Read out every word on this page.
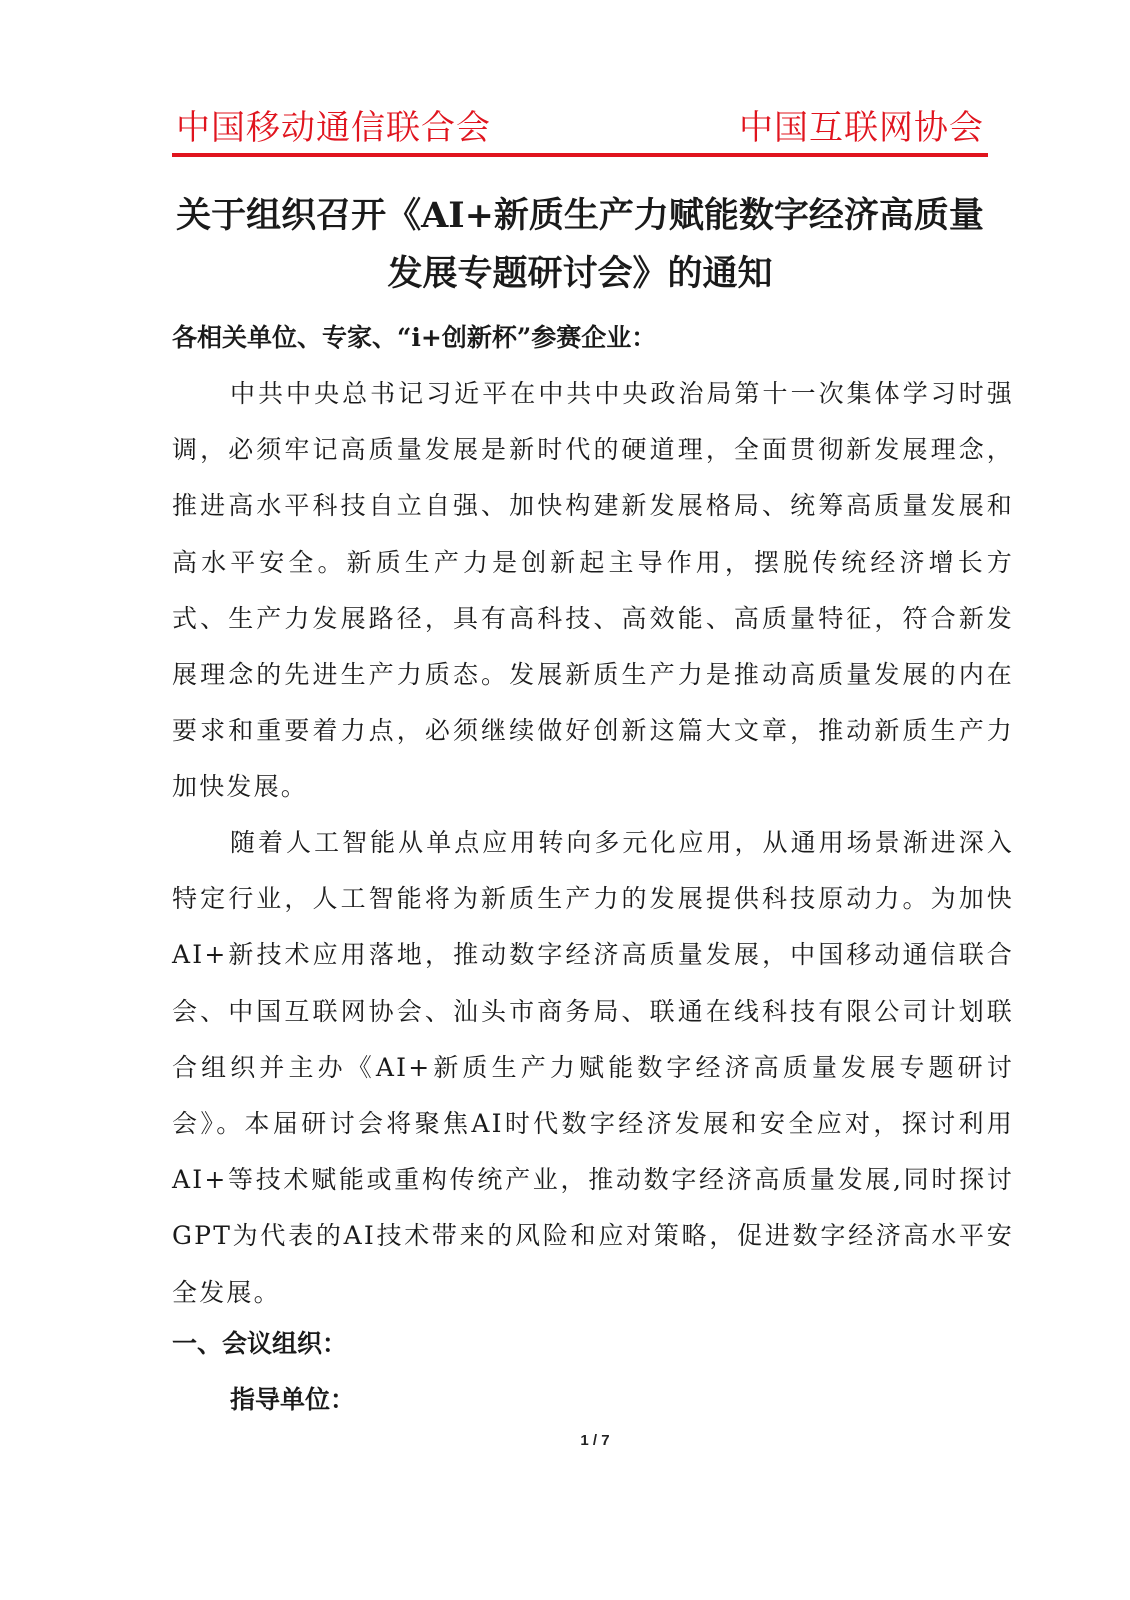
中国移动通信联合会	中国互联网协会
关于组织召开《AI+新质生产力赋能数字经济高质量
发展专题研讨会》的通知
各相关单位、专家、“i+创新杯”参赛企业：
中共中央总书记习近平在中共中央政治局第十一次集体学习时强调，必须牢记高质量发展是新时代的硬道理，全面贯彻新发展理念，推进高水平科技自立自强、加快构建新发展格局、统筹高质量发展和高水平安全。新质生产力是创新起主导作用，摆脱传统经济增长方式、生产力发展路径，具有高科技、高效能、高质量特征，符合新发展理念的先进生产力质态。发展新质生产力是推动高质量发展的内在要求和重要着力点，必须继续做好创新这篇大文章，推动新质生产力加快发展。
随着人工智能从单点应用转向多元化应用，从通用场景渐进深入特定行业，人工智能将为新质生产力的发展提供科技原动力。为加快AI+新技术应用落地，推动数字经济高质量发展，中国移动通信联合会、中国互联网协会、汕头市商务局、联通在线科技有限公司计划联合组织并主办《AI+新质生产力赋能数字经济高质量发展专题研讨会》。本届研讨会将聚焦AI时代数字经济发展和安全应对，探讨利用AI+等技术赋能或重构传统产业，推动数字经济高质量发展,同时探讨GPT为代表的AI技术带来的风险和应对策略，促进数字经济高水平安全发展。
一、会议组织：
指导单位：
1 / 7
